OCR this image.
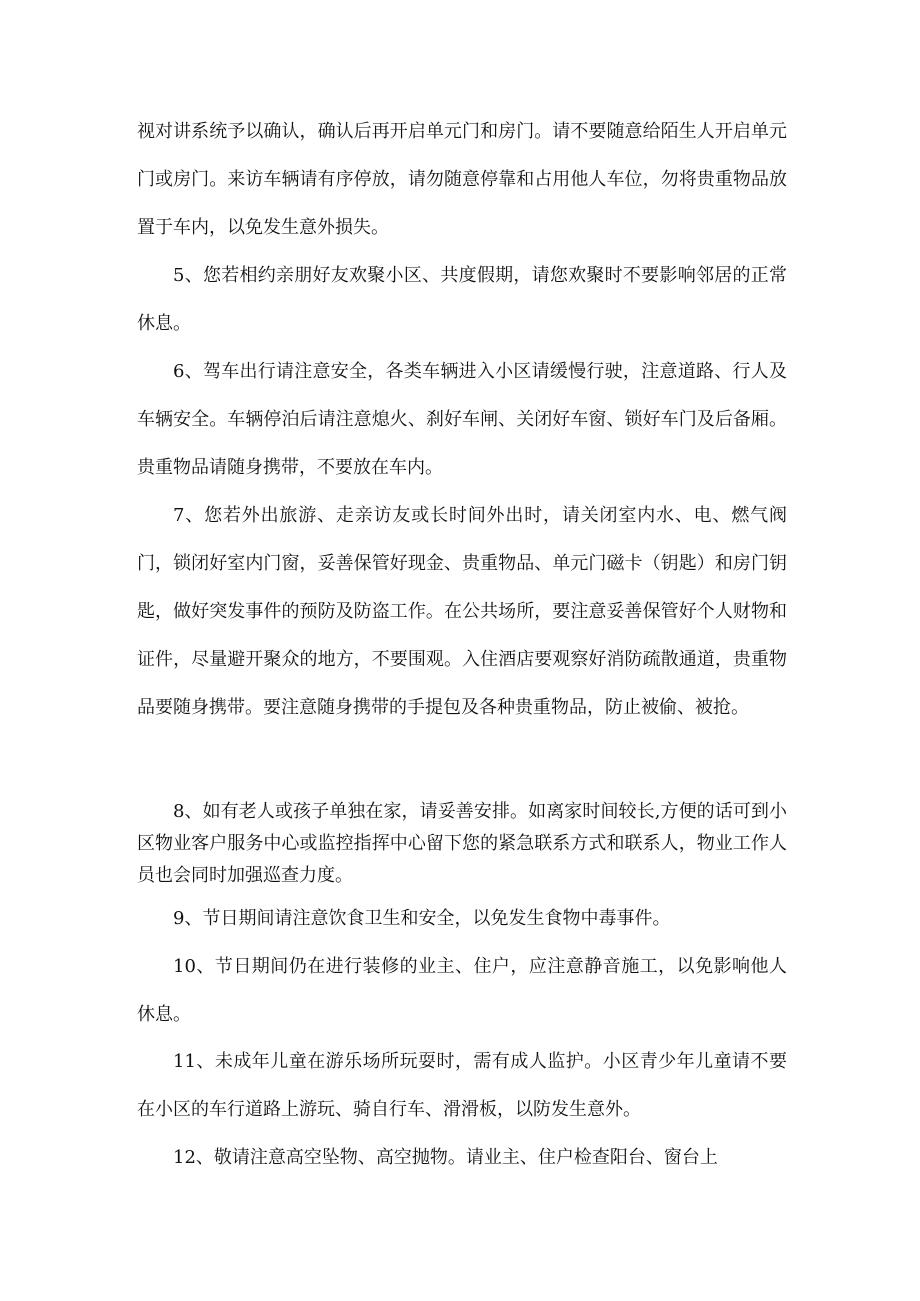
视对讲系统予以确认，确认后再开启单元门和房门。请不要随意给陌生人开启单元门或房门。来访车辆请有序停放，请勿随意停靠和占用他人车位，勿将贵重物品放置于车内，以免发生意外损失。

5、您若相约亲朋好友欢聚小区、共度假期，请您欢聚时不要影响邻居的正常休息。

6、驾车出行请注意安全，各类车辆进入小区请缓慢行驶，注意道路、行人及车辆安全。车辆停泊后请注意熄火、刹好车闸、关闭好车窗、锁好车门及后备厢。贵重物品请随身携带，不要放在车内。

7、您若外出旅游、走亲访友或长时间外出时，请关闭室内水、电、燃气阀门，锁闭好室内门窗，妥善保管好现金、贵重物品、单元门磁卡（钥匙）和房门钥匙，做好突发事件的预防及防盗工作。在公共场所，要注意妥善保管好个人财物和证件，尽量避开聚众的地方，不要围观。入住酒店要观察好消防疏散通道，贵重物品要随身携带。要注意随身携带的手提包及各种贵重物品，防止被偷、被抢。

8、如有老人或孩子单独在家，请妥善安排。如离家时间较长,方便的话可到小区物业客户服务中心或监控指挥中心留下您的紧急联系方式和联系人，物业工作人员也会同时加强巡查力度。

9、节日期间请注意饮食卫生和安全，以免发生食物中毒事件。

10、节日期间仍在进行装修的业主、住户，应注意静音施工，以免影响他人休息。

11、未成年儿童在游乐场所玩耍时，需有成人监护。小区青少年儿童请不要在小区的车行道路上游玩、骑自行车、滑滑板，以防发生意外。

12、敬请注意高空坠物、高空抛物。请业主、住户检查阳台、窗台上
